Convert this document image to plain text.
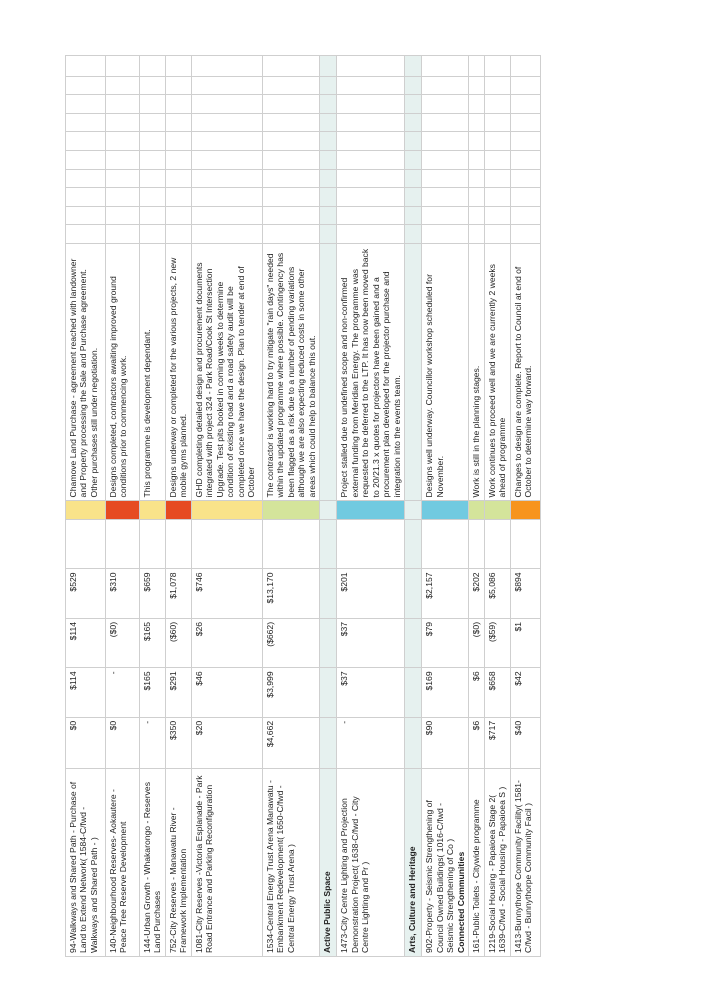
94-Walkways and Shared Path - Purchase of Land to Extend Network( 1584-C/fwd - Walkways and Shared Path - )	$0	$114	$114	$529			Chamove Land Purchase - agreement reached with landowner and Property processing the Sale and Purchase agreement. Other purchases still under negotiation.										
140-Neighbourhood Reserves- Aokautere - Peace Tree Reserve Development	$0	-	($0)	$310			Designs completed, contractors awaiting improved ground conditions prior to commencing work.										
144-Urban Growth - Whakarongo - Reserves Land Purchases	-	$165	$165	$659			This programme is development dependant.										
752-City Reserves - Manawatu River - Framework Implementation	$350	$291	($60)	$1,078			Designs underway or completed for the various projects, 2 new mobile gyms planned.										
1081-City Reserves -Victoria Esplanade - Park Road Entrance and Parking Reconfiguration	$20	$46	$26	$746			GHD completing detailed design and procurement documents integrated with project 324 - Park Road/Cook St Intersection Upgrade. Test pits booked in coming weeks to determine condition of existing road and a road safety audit will be completed once we have the design. Plan to tender at end of October										
1534-Central Energy Trust Arena Manawatu - Embankment Redevelopment( 1650-C/fwd - Central Energy Trust Arena )	$4,662	$3,999	($662)	$13,170			The contractor is working hard to try mitigate "rain days" needed within the updated programme where possible. Contingency has been flagged as a risk due to a number of pending variations although we are also expecting reduced costs in some other areas which could help to balance this out.										
Active Public Space																	
1473-City Centre Lighting and Projection Demonstration Project( 1638-C/fwd - City Centre Lighting and Pr )	-	$37	$37	$201			Project stalled due to undefined scope and non-confirmed external funding from Meridian Energy. The programme was requested to be deferred to the LTP. It has now been moved back to 20/21.3 x quotes for projectors have been gained and a procurement plan developed for the projector purchase and integration into the events team.										
Arts, Culture and Heritage																	
902-Property - Seismic Strengthening of Council Owned Buildings( 1016-C/fwd - Seismic Strengthening of Co ) Connected Communities	$90	$169	$79	$2,157			Designs well underway. Councillor workshop scheduled for November.										
161-Public Toilets - Citywide programme	$6	$6	($0)	$202			Work is still in the planning stages.										
1219-Social Housing - Papaioea Stage 2( 1639-C/fwd - Social Housing - Papaioea S )	$717	$658	($59)	$5,086			Work continues to proceed well and we are currently 2 weeks ahead of programme										
1413-Bunnythorpe Community Facility( 1581-C/fwd - Bunnythorpe Community Facil )	$40	$42	$1	$894			Changes to design are complete. Report to Council at end of October to determine way forward.										
